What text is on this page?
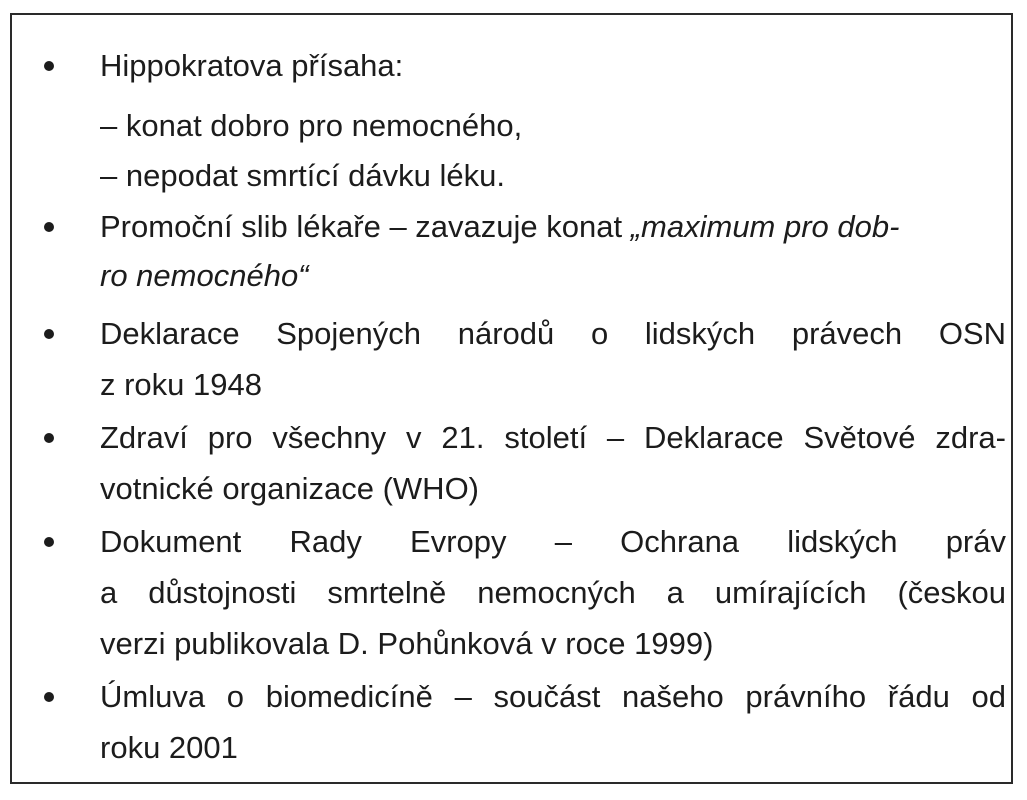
Hippokratova přísaha:
– konat dobro pro nemocného,
– nepodat smrtící dávku léku.
Promoční slib lékaře – zavazuje konat „maximum pro dob-
ro nemocného“
Deklarace Spojených národů o lidských právech OSN
z roku 1948
Zdraví pro všechny v 21. století – Deklarace Světové zdra-
votnické organizace (WHO)
Dokument Rady Evropy – Ochrana lidských práv
a důstojnosti smrtelně nemocných a umírajících (českou
verzi publikovala D. Pohůnková v roce 1999)
Úmluva o biomedicíně – součást našeho právního řádu od
roku 2001
